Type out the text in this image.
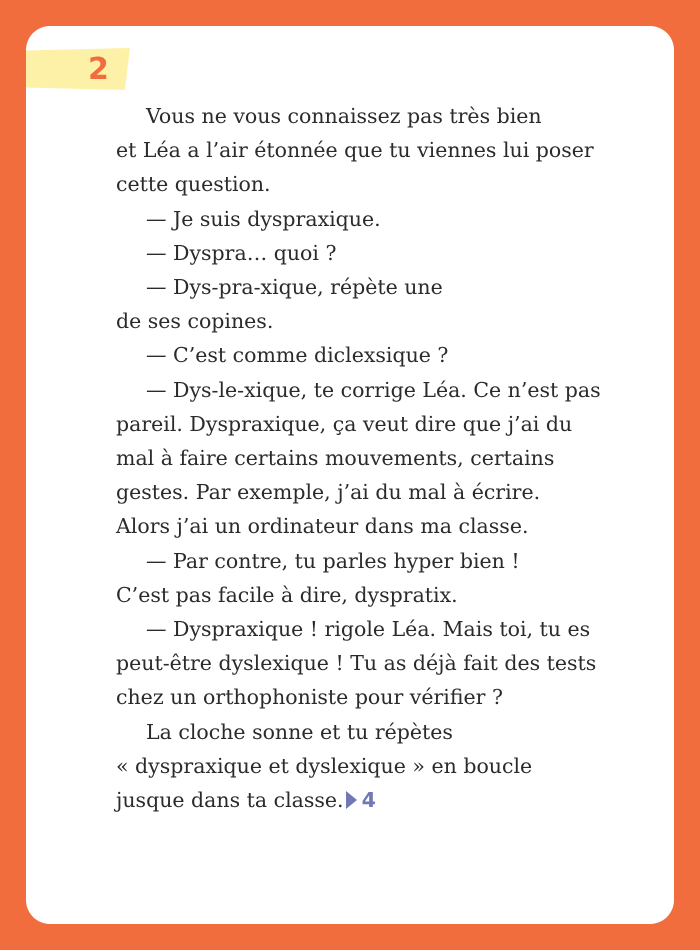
2
Vous ne vous connaissez pas très bien
et Léa a l’air étonnée que tu viennes lui poser
cette question.
— Je suis dyspraxique.
— Dyspra… quoi ?
— Dys-pra-xique, répète une
de ses copines.
— C’est comme diclexsique ?
— Dys-le-xique, te corrige Léa. Ce n’est pas
pareil. Dyspraxique, ça veut dire que j’ai du
mal à faire certains mouvements, certains
gestes. Par exemple, j’ai du mal à écrire.
Alors j’ai un ordinateur dans ma classe.
— Par contre, tu parles hyper bien !
C’est pas facile à dire, dyspratix.
— Dyspraxique ! rigole Léa. Mais toi, tu es
peut-être dyslexique ! Tu as déjà fait des tests
chez un orthophoniste pour vérifier ?
La cloche sonne et tu répètes
« dyspraxique et dyslexique » en boucle
jusque dans ta classe. 4
